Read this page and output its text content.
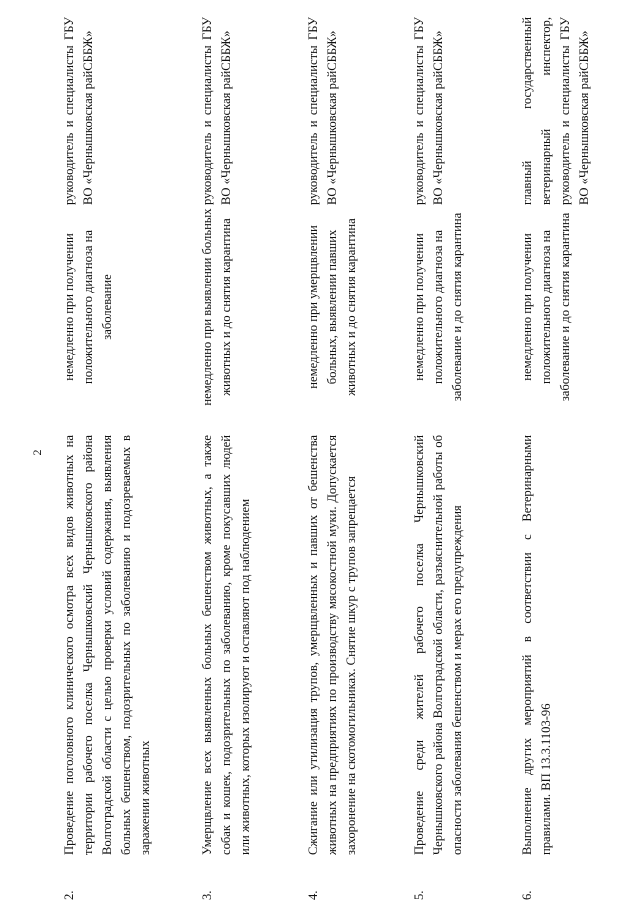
2
2.
Проведение поголовного клинического осмотра всех видов животных на территории рабочего поселка Чернышковский Чернышковского района Волгоградской области с целью проверки условий содержания, выявления больных бешенством, подозрительных по заболеванию и подозреваемых в заражении животных
немедленно при получении положительного диагноза на заболевание
руководитель и специалисты ГБУ ВО «Чернышковская райСББЖ»
3.
Умерщвление всех выявленных больных бешенством животных, а также собак и кошек, подозрительных по заболеванию, кроме покусавших людей или животных, которых изолируют и оставляют под наблюдением
немедленно при выявлении больных животных и до снятия карантина
руководитель и специалисты ГБУ ВО «Чернышковская райСББЖ»
4.
Сжигание или утилизация трупов, умерщвленных и павших от бешенства животных на предприятиях по производству мясокостной муки. Допускается захоронение на скотомогильниках. Снятие шкур с трупов запрещается
немедленно при умерщвлении больных, выявлении павших животных и до снятия карантина
руководитель и специалисты ГБУ ВО «Чернышковская райСББЖ»
5.
Проведение среди жителей рабочего поселка Чернышковский Чернышковского района Волгоградской области, разъяснительной работы об опасности заболевания бешенством и мерах его предупреждения
немедленно при получении положительного диагноза на заболевание и до снятия карантина
руководитель и специалисты ГБУ ВО «Чернышковская райСББЖ»
6.
Выполнение других мероприятий в соответствии с Ветеринарными правилами. ВП 13.3.1103-96
немедленно при получении положительного диагноза на заболевание и до снятия карантина
главный государственный ветеринарный инспектор, руководитель и специалисты ГБУ ВО «Чернышковская райСББЖ»
